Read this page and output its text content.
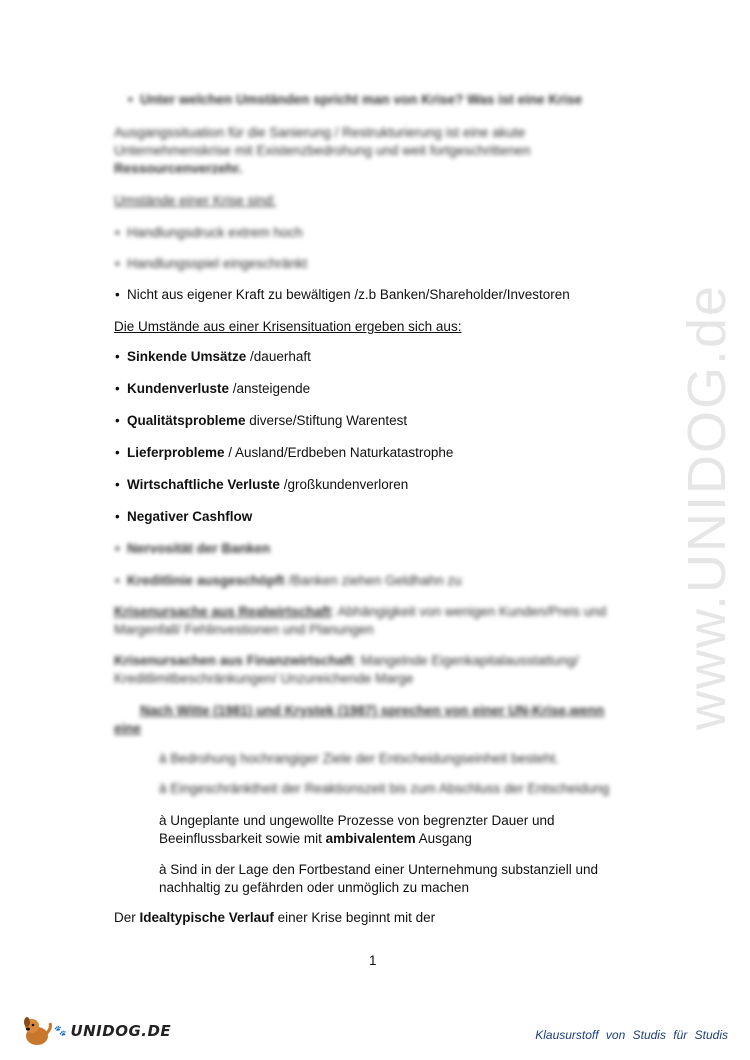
www.UNIDOG.de
• Unter welchen Umständen spricht man von Krise? Was ist eine Krise
Ausgangssituation für die Sanierung / Restrukturierung ist eine akute
Unternehmenskrise mit Existenzbedrohung und weit fortgeschrittenen
Ressourcenverzehr.
Umstände einer Krise sind:
• Handlungsdruck extrem hoch
• Handlungsspiel eingeschränkt
• Nicht aus eigener Kraft zu bewältigen /z.b Banken/Shareholder/Investoren
Die Umstände aus einer Krisensituation ergeben sich aus:
• Sinkende Umsätze /dauerhaft
• Kundenverluste /ansteigende
• Qualitätsprobleme diverse/Stiftung Warentest
• Lieferprobleme / Ausland/Erdbeben Naturkatastrophe
• Wirtschaftliche Verluste /großkundenverloren
• Negativer Cashflow
• Nervosität der Banken
• Kreditlinie ausgeschöpft /Banken ziehen Geldhahn zu
Krisenursache aus Realwirtschaft: Abhängigkeit von wenigen Kunden/Preis und
Margenfall/ Fehlinvestionen und Planungen
Krisenursachen aus Finanzwirtschaft: Mangelnde Eigenkapitalausstattung/
Kreditlimitbeschränkungen/ Unzureichende Marge
Nach Witte (1981) und Krystek (1987) sprechen von einer UN-Krise,wenn
eine
à Bedrohung hochrangiger Ziele der Entscheidungseinheit besteht.
à Eingeschränktheit der Reaktionszeit bis zum Abschluss der Entscheidung
à Ungeplante und ungewollte Prozesse von begrenzter Dauer und
Beeinflussbarkeit sowie mit ambivalentem Ausgang
à Sind in der Lage den Fortbestand einer Unternehmung substanziell und
nachhaltig zu gefährden oder unmöglich zu machen
Der Idealtypische Verlauf einer Krise beginnt mit der
1
🐾 UNIDOG.DE	Klausurstoff von Studis für Studis
